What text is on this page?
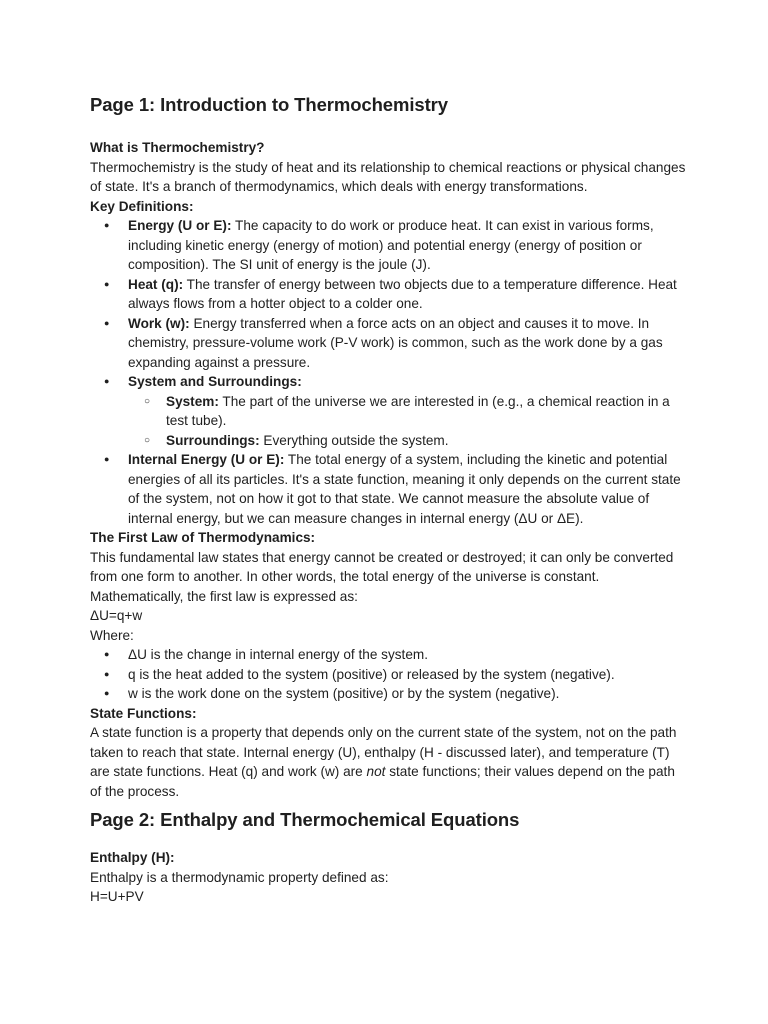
Page 1: Introduction to Thermochemistry

What is Thermochemistry?

Thermochemistry is the study of heat and its relationship to chemical reactions or physical changes of state. It's a branch of thermodynamics, which deals with energy transformations.

Key Definitions:

● Energy (U or E): The capacity to do work or produce heat. It can exist in various forms, including kinetic energy (energy of motion) and potential energy (energy of position or composition). The SI unit of energy is the joule (J).
● Heat (q): The transfer of energy between two objects due to a temperature difference. Heat always flows from a hotter object to a colder one.
● Work (w): Energy transferred when a force acts on an object and causes it to move. In chemistry, pressure-volume work (P-V work) is common, such as the work done by a gas expanding against a pressure.
● System and Surroundings:
○ System: The part of the universe we are interested in (e.g., a chemical reaction in a test tube).
○ Surroundings: Everything outside the system.
● Internal Energy (U or E): The total energy of a system, including the kinetic and potential energies of all its particles. It's a state function, meaning it only depends on the current state of the system, not on how it got to that state. We cannot measure the absolute value of internal energy, but we can measure changes in internal energy (ΔU or ΔE).

The First Law of Thermodynamics:

This fundamental law states that energy cannot be created or destroyed; it can only be converted from one form to another. In other words, the total energy of the universe is constant.

Mathematically, the first law is expressed as:

ΔU=q+w

Where:

● ΔU is the change in internal energy of the system.
● q is the heat added to the system (positive) or released by the system (negative).
● w is the work done on the system (positive) or by the system (negative).

State Functions:

A state function is a property that depends only on the current state of the system, not on the path taken to reach that state. Internal energy (U), enthalpy (H - discussed later), and temperature (T) are state functions. Heat (q) and work (w) are not state functions; their values depend on the path of the process.

Page 2: Enthalpy and Thermochemical Equations

Enthalpy (H):

Enthalpy is a thermodynamic property defined as:

H=U+PV
